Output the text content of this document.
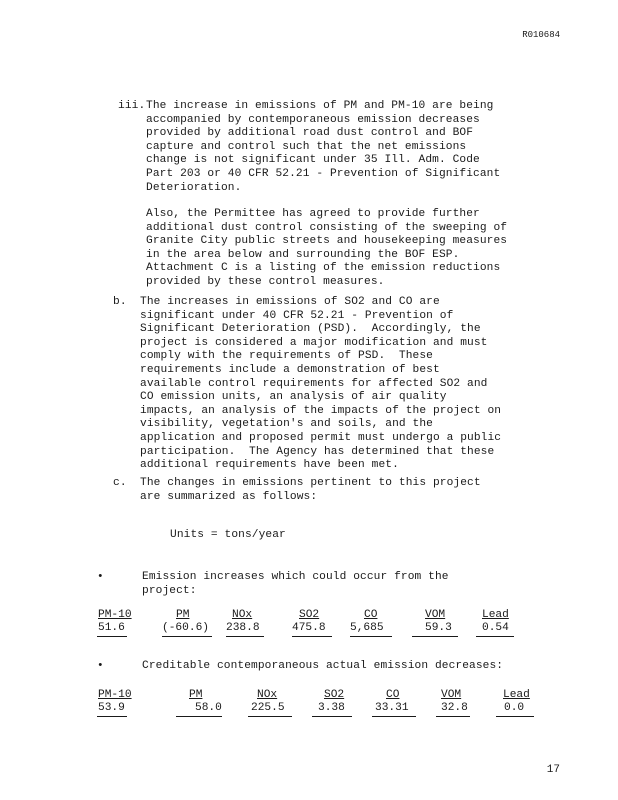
R010684
iii. The increase in emissions of PM and PM-10 are being
accompanied by contemporaneous emission decreases
provided by additional road dust control and BOF
capture and control such that the net emissions
change is not significant under 35 Ill. Adm. Code
Part 203 or 40 CFR 52.21 - Prevention of Significant
Deterioration.
Also, the Permittee has agreed to provide further
additional dust control consisting of the sweeping of
Granite City public streets and housekeeping measures
in the area below and surrounding the BOF ESP.
Attachment C is a listing of the emission reductions
provided by these control measures.
b. The increases in emissions of SO2 and CO are
significant under 40 CFR 52.21 - Prevention of
Significant Deterioration (PSD).  Accordingly, the
project is considered a major modification and must
comply with the requirements of PSD.  These
requirements include a demonstration of best
available control requirements for affected SO2 and
CO emission units, an analysis of air quality
impacts, an analysis of the impacts of the project on
visibility, vegetation's and soils, and the
application and proposed permit must undergo a public
participation.  The Agency has determined that these
additional requirements have been met.
c. The changes in emissions pertinent to this project
are summarized as follows:
Units = tons/year
•	Emission increases which could occur from the
project:
PM-10	PM	NOx	SO2	CO	VOM	Lead
51.6	(-60.6) 238.8	475.8 5,685	59.3	0.54
•	Creditable contemporaneous actual emission decreases:
PM-10	PM	NOx	SO2	CO	VOM	Lead
53.9	58.0	225.5	3.38	33.31	32.8	0.0
17
